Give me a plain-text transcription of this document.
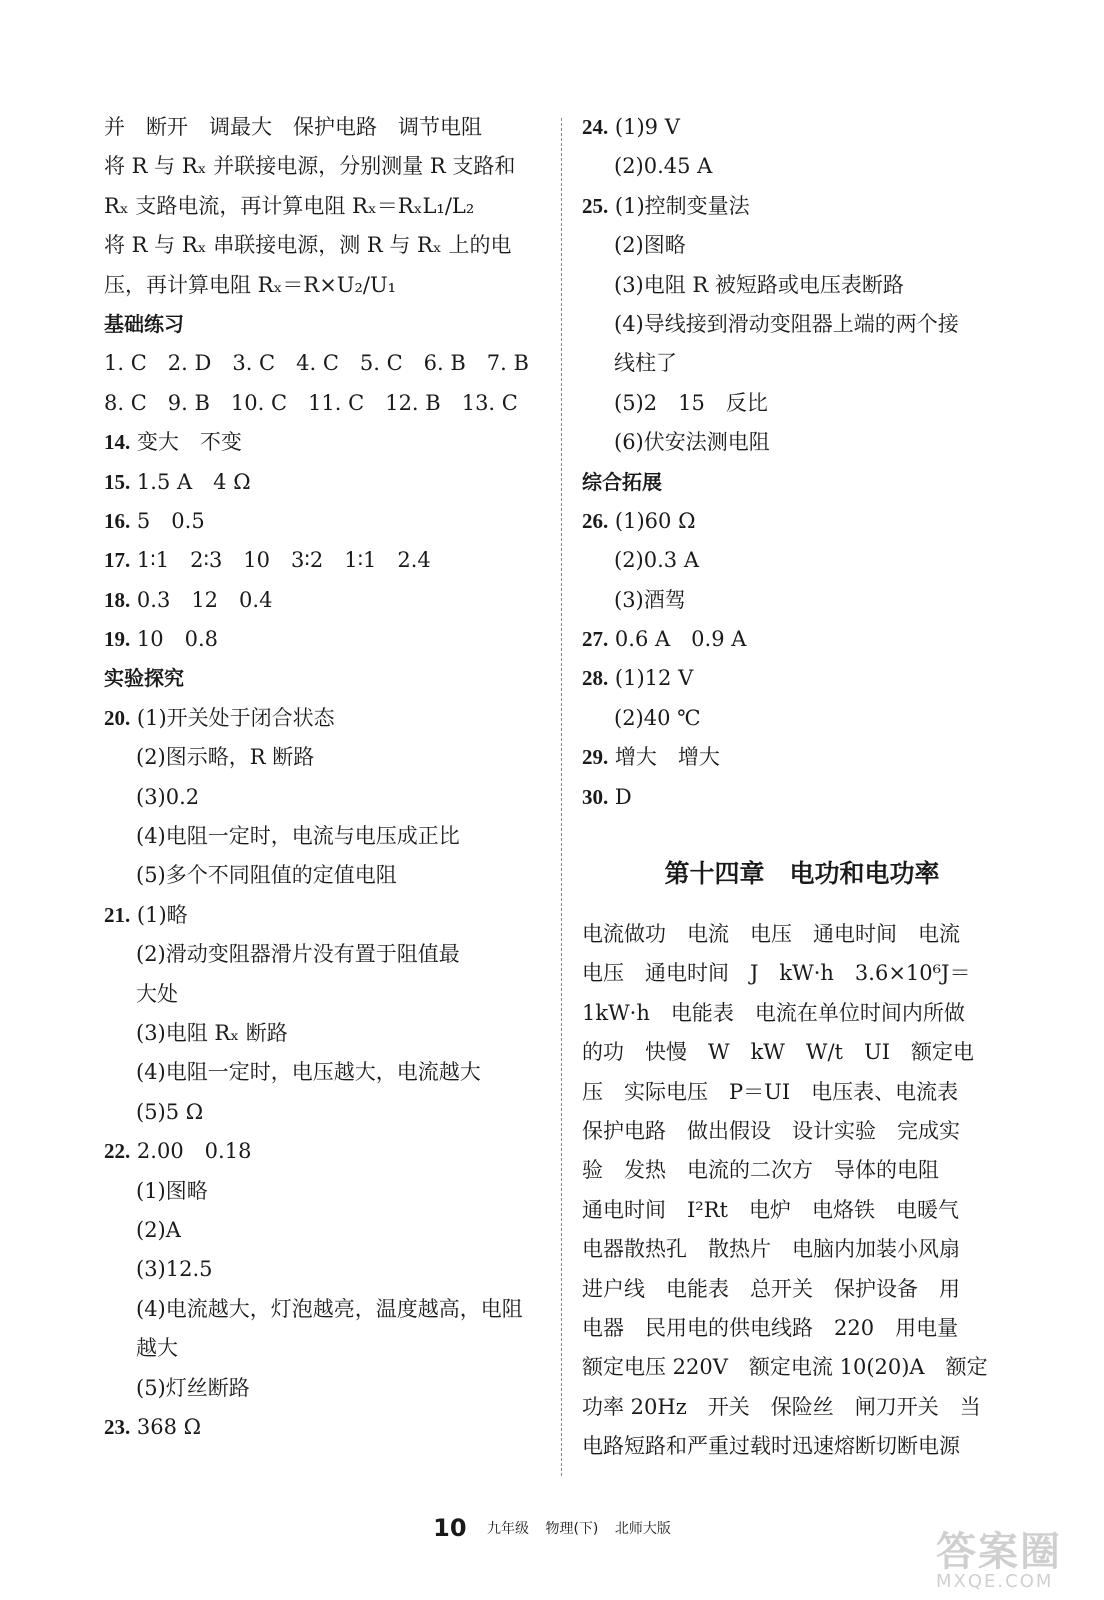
并　断开　调最大　保护电路　调节电阻
将 R 与 Rₓ 并联接电源，分别测量 R 支路和
Rₓ 支路电流，再计算电阻 Rₓ＝RₓL₁/L₂
将 R 与 Rₓ 串联接电源，测 R 与 Rₓ 上的电
压，再计算电阻 Rₓ＝R×U₂/U₁
基础练习
1. C　2. D　3. C　4. C　5. C　6. B　7. B
8. C　9. B　10. C　11. C　12. B　13. C
14. 变大　不变
15. 1.5 A　4 Ω
16. 5　0.5
17. 1∶1　2∶3　10　3∶2　1∶1　2.4
18. 0.3　12　0.4
19. 10　0.8
实验探究
20. (1)开关处于闭合状态
(2)图示略，R 断路
(3)0.2
(4)电阻一定时，电流与电压成正比
(5)多个不同阻值的定值电阻
21. (1)略
(2)滑动变阻器滑片没有置于阻值最
大处
(3)电阻 Rₓ 断路
(4)电阻一定时，电压越大，电流越大
(5)5 Ω
22. 2.00　0.18
(1)图略
(2)A
(3)12.5
(4)电流越大，灯泡越亮，温度越高，电阻
越大
(5)灯丝断路
23. 368 Ω
24. (1)9 V
(2)0.45 A
25. (1)控制变量法
(2)图略
(3)电阻 R 被短路或电压表断路
(4)导线接到滑动变阻器上端的两个接
线柱了
(5)2　15　反比
(6)伏安法测电阻
综合拓展
26. (1)60 Ω
(2)0.3 A
(3)酒驾
27. 0.6 A　0.9 A
28. (1)12 V
(2)40 ℃
29. 增大　增大
30. D
第十四章　电功和电功率
电流做功　电流　电压　通电时间　电流
电压　通电时间　J　kW·h　3.6×10⁶J＝
1kW·h　电能表　电流在单位时间内所做
的功　快慢　W　kW　W/t　UI　额定电
压　实际电压　P＝UI　电压表、电流表
保护电路　做出假设　设计实验　完成实
验　发热　电流的二次方　导体的电阻
通电时间　I²Rt　电炉　电烙铁　电暖气
电器散热孔　散热片　电脑内加装小风扇
进户线　电能表　总开关　保护设备　用
电器　民用电的供电线路　220　用电量
额定电压 220V　额定电流 10(20)A　额定
功率 20Hz　开关　保险丝　闸刀开关　当
电路短路和严重过载时迅速熔断切断电源
10 九年级 物理(下) 北师大版	答案圈
MXQE.COM
